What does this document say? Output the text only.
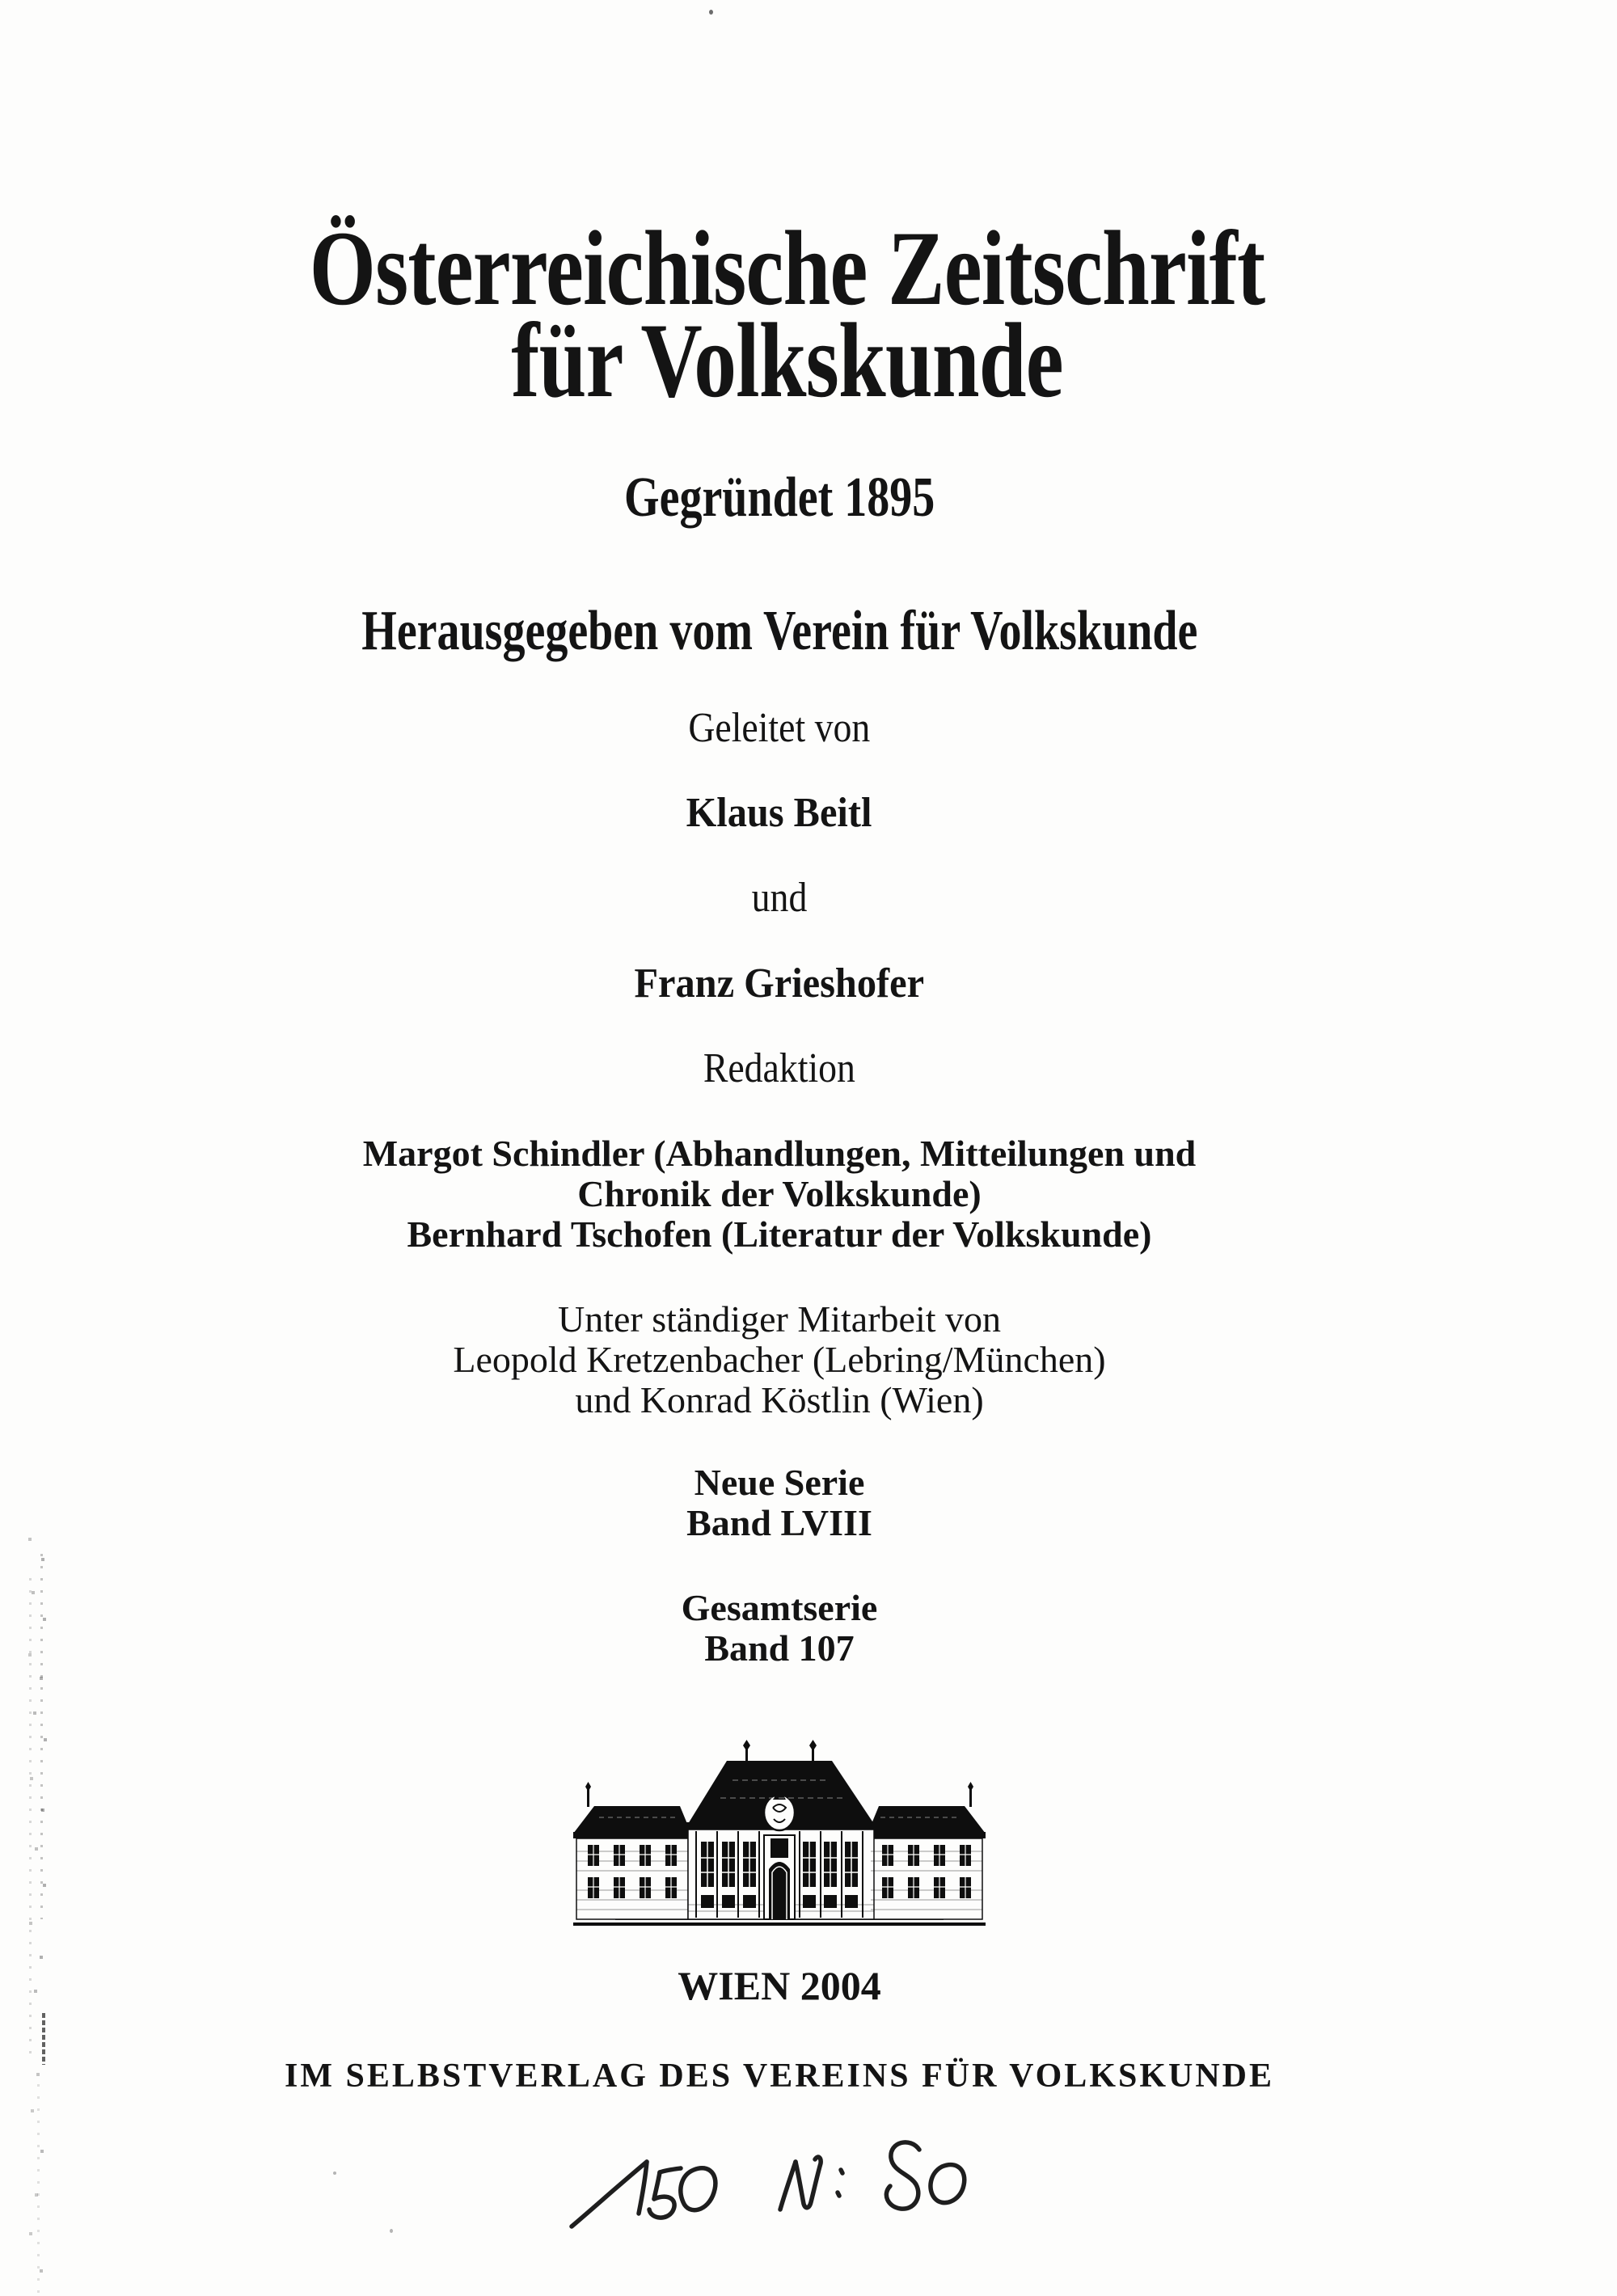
Österreichische Zeitschrift
für Volkskunde
Gegründet 1895
Herausgegeben vom Verein für Volkskunde
Geleitet von
Klaus Beitl
und
Franz Grieshofer
Redaktion
Margot Schindler (Abhandlungen, Mitteilungen und
Chronik der Volkskunde)
Bernhard Tschofen (Literatur der Volkskunde)
Unter ständiger Mitarbeit von
Leopold Kretzenbacher (Lebring/München)
und Konrad Köstlin (Wien)
Neue Serie
Band LVIII
Gesamtserie
Band 107
WIEN 2004
IM SELBSTVERLAG DES VEREINS FÜR VOLKSKUNDE
